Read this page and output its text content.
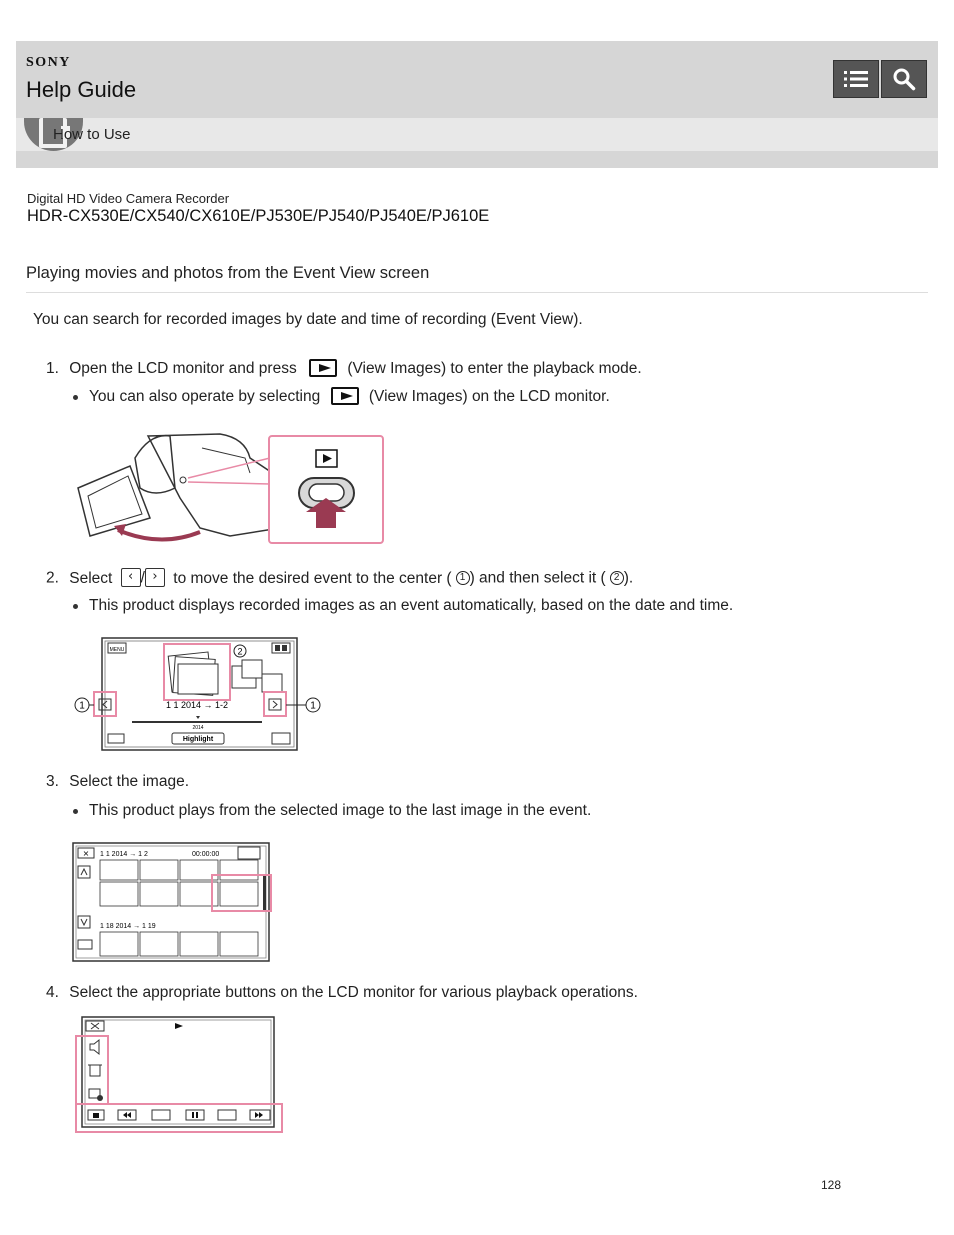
SONY
Help Guide
How to Use
Digital HD Video Camera Recorder
HDR-CX530E/CX540/CX610E/PJ530E/PJ540/PJ540E/PJ610E
Playing movies and photos from the Event View screen
You can search for recorded images by date and time of recording (Event View).
1. Open the LCD monitor and press	(View Images) to enter the playback mode.
You can also operate by selecting	(View Images) on the LCD monitor.
2. Select ‹ / › to move the desired event to the center ( 1 ) and then select it ( 2 ).
This product displays recorded images as an event automatically, based on the date and time.
MENU	2
1	1
1 1 2014 → 1-2
2014
Highlight
3. Select the image.
This product plays from the selected image to the last image in the event.
× 1 1 2014 → 1 2	00:00:00
1 18 2014 → 1 19
4. Select the appropriate buttons on the LCD monitor for various playback operations.
128
